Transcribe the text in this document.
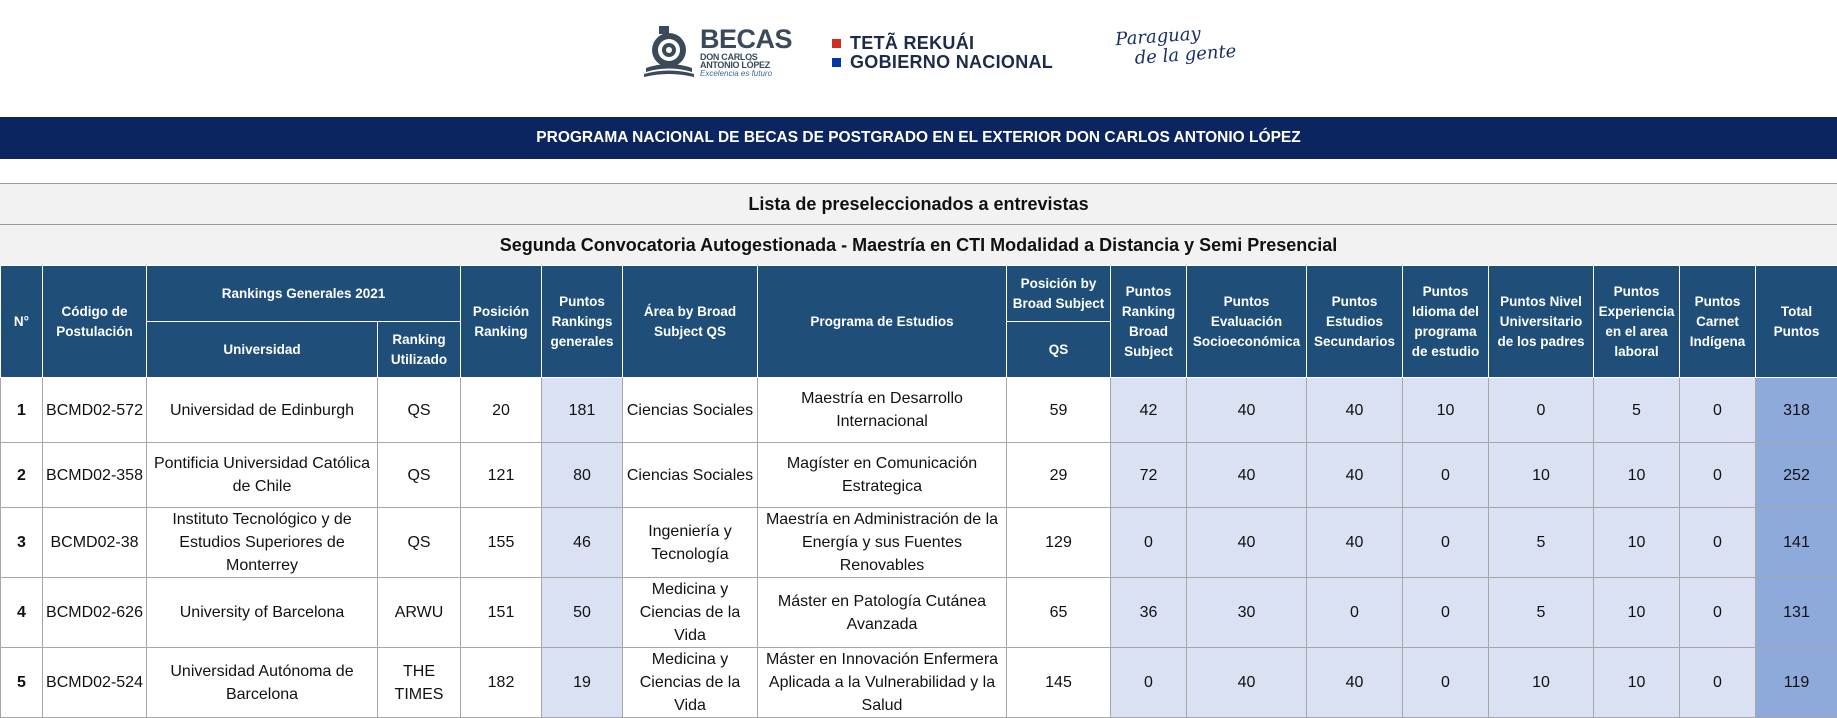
BECAS
DON CARLOS
ANTONIO LÓPEZ
Excelencia es futuro
TETÃ REKUÁI
GOBIERNO NACIONAL
Paraguay
de la gente
PROGRAMA NACIONAL DE BECAS DE POSTGRADO EN EL EXTERIOR DON CARLOS ANTONIO LÓPEZ
Lista de preseleccionados a entrevistas
Segunda Convocatoria Autogestionada - Maestría en CTI Modalidad a Distancia y Semi Presencial
N°	Código de Postulación	Rankings Generales 2021		Posición Ranking	Puntos Rankings generales	Área by Broad Subject QS	Programa de Estudios	Posición by Broad Subject	Puntos Ranking Broad Subject	Puntos Evaluación Socioeconómica	Puntos Estudios Secundarios	Puntos Idioma del programa de estudio	Puntos Nivel Universitario de los padres	Puntos Experiencia en el area laboral	Puntos Carnet Indígena	Total Puntos
		Universidad	Ranking Utilizado					QS								
1	BCMD02-572	Universidad de Edinburgh	QS	20	181	Ciencias Sociales	Maestría en Desarrollo Internacional	59	42	40	40	10	0	5	0	318
2	BCMD02-358	Pontificia Universidad Católica de Chile	QS	121	80	Ciencias Sociales	Magíster en Comunicación Estrategica	29	72	40	40	0	10	10	0	252
3	BCMD02-38	Instituto Tecnológico y de Estudios Superiores de Monterrey	QS	155	46	Ingeniería y Tecnología	Maestría en Administración de la Energía y sus Fuentes Renovables	129	0	40	40	0	5	10	0	141
4	BCMD02-626	University of Barcelona	ARWU	151	50	Medicina y Ciencias de la Vida	Máster en Patología Cutánea Avanzada	65	36	30	0	0	5	10	0	131
5	BCMD02-524	Universidad Autónoma de Barcelona	THE TIMES	182	19	Medicina y Ciencias de la Vida	Máster en Innovación Enfermera Aplicada a la Vulnerabilidad y la Salud	145	0	40	40	0	10	10	0	119
